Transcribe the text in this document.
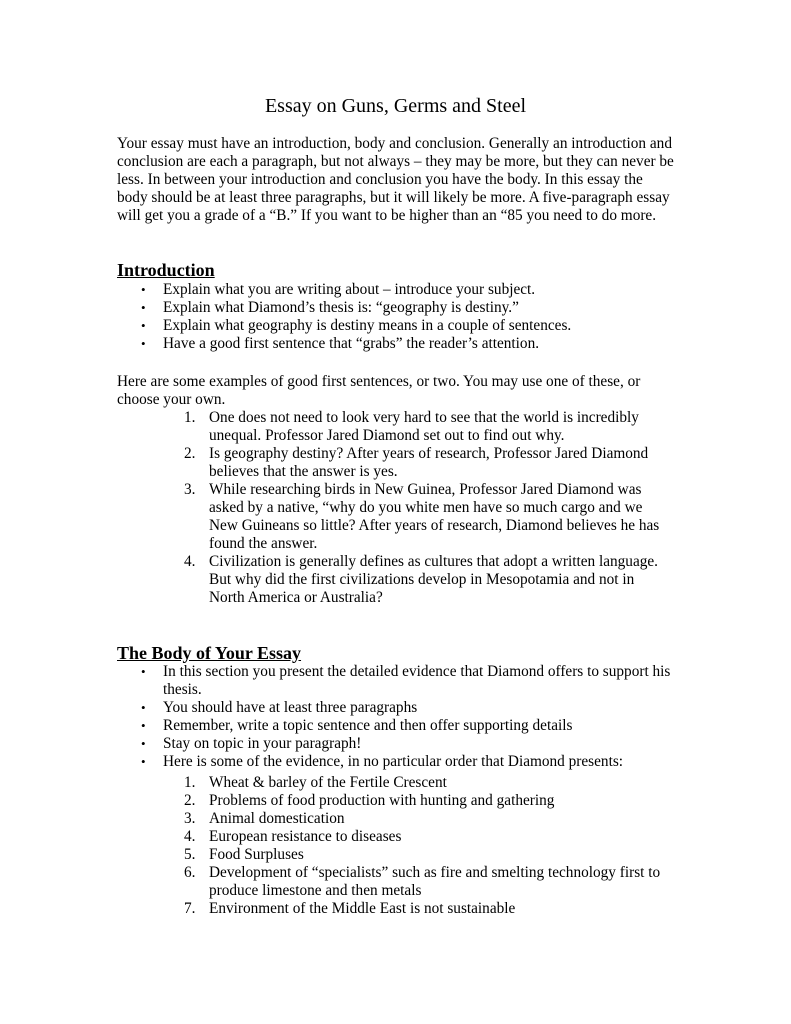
Essay on Guns, Germs and Steel

Your essay must have an introduction, body and conclusion. Generally an introduction and conclusion are each a paragraph, but not always – they may be more, but they can never be less. In between your introduction and conclusion you have the body. In this essay the body should be at least three paragraphs, but it will likely be more. A five-paragraph essay will get you a grade of a “B.” If you want to be higher than an “85 you need to do more.

Introduction
• Explain what you are writing about – introduce your subject.
• Explain what Diamond’s thesis is: “geography is destiny.”
• Explain what geography is destiny means in a couple of sentences.
• Have a good first sentence that “grabs” the reader’s attention.

Here are some examples of good first sentences, or two. You may use one of these, or choose your own.

1. One does not need to look very hard to see that the world is incredibly unequal. Professor Jared Diamond set out to find out why.
2. Is geography destiny? After years of research, Professor Jared Diamond believes that the answer is yes.
3. While researching birds in New Guinea, Professor Jared Diamond was asked by a native, “why do you white men have so much cargo and we New Guineans so little? After years of research, Diamond believes he has found the answer.
4. Civilization is generally defines as cultures that adopt a written language. But why did the first civilizations develop in Mesopotamia and not in North America or Australia?
The Body of Your Essay
• In this section you present the detailed evidence that Diamond offers to support his thesis.
• You should have at least three paragraphs
• Remember, write a topic sentence and then offer supporting details
• Stay on topic in your paragraph!
• Here is some of the evidence, in no particular order that Diamond presents:
1. Wheat & barley of the Fertile Crescent
2. Problems of food production with hunting and gathering
3. Animal domestication
4. European resistance to diseases
5. Food Surpluses
6. Development of “specialists” such as fire and smelting technology first to produce limestone and then metals
7. Environment of the Middle East is not sustainable
